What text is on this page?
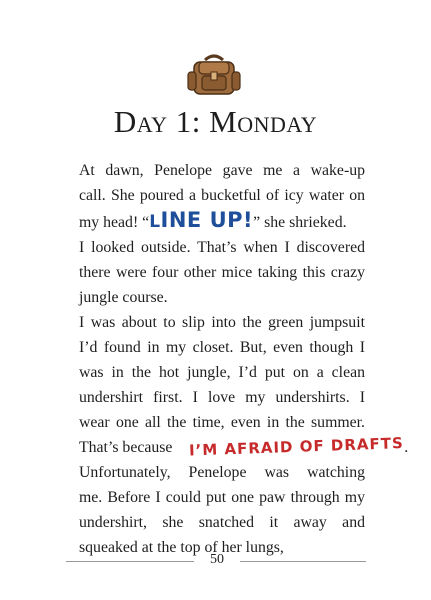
Day 1: Monday

At dawn, Penelope gave me a wake-up
call. She poured a bucketful of icy water on
my head! “LINE UP!” she shrieked.

I looked outside. That’s when I discovered
there were four other mice taking this crazy
jungle course.

I was about to slip into the green jumpsuit
I’d found in my closet. But, even though I
was in the hot jungle, I’d put on a clean
undershirt first. I love my undershirts. I
wear one all the time, even in the summer.
That’s because I’M AFRAID OF DRAFTS.

Unfortunately, Penelope was watching
me. Before I could put one paw through my
undershirt, she snatched it away and
squeaked at the top of her lungs,

50
